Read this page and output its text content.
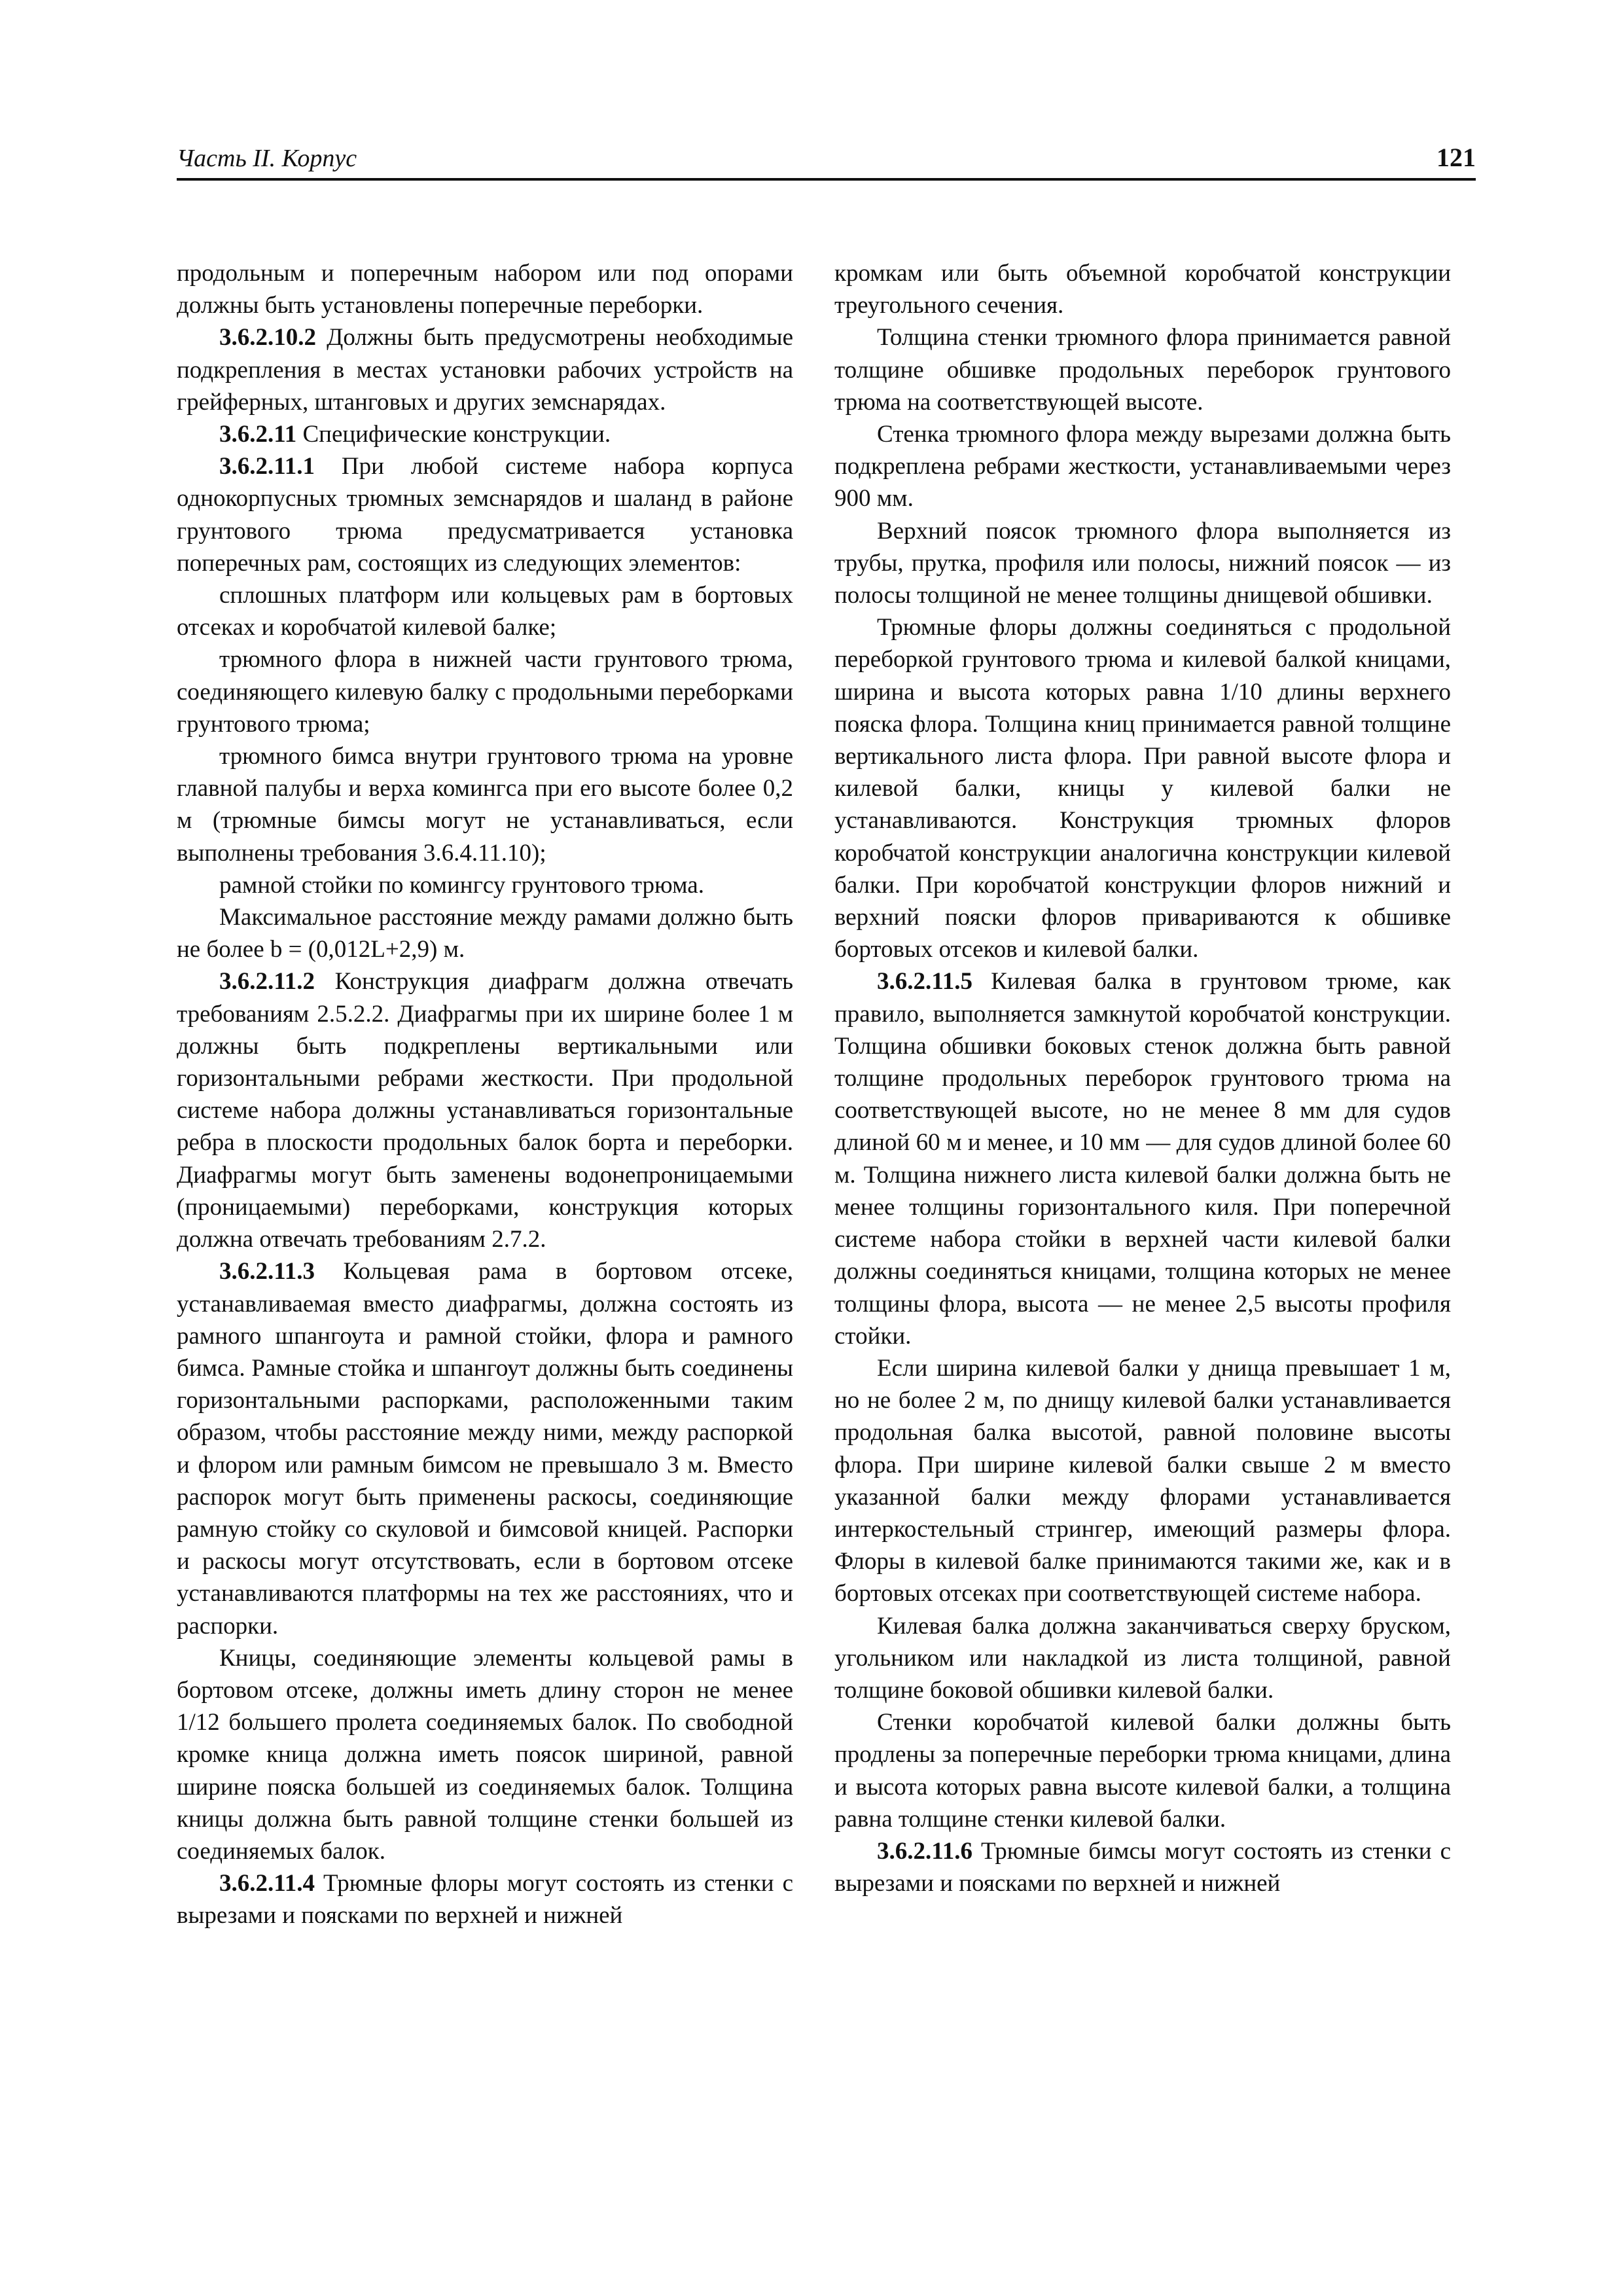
Часть II. Корпус	121

продольным и поперечным набором или под опорами должны быть установлены поперечные переборки.

3.6.2.10.2 Должны быть предусмотрены необходимые подкрепления в местах установки рабочих устройств на грейферных, штанговых и других земснарядах.

3.6.2.11 Специфические конструкции.

3.6.2.11.1 При любой системе набора корпуса однокорпусных трюмных земснарядов и шаланд в районе грунтового трюма предусматривается установка поперечных рам, состоящих из следующих элементов:

сплошных платформ или кольцевых рам в бортовых отсеках и коробчатой килевой балке;

трюмного флора в нижней части грунтового трюма, соединяющего килевую балку с продольными переборками грунтового трюма;

трюмного бимса внутри грунтового трюма на уровне главной палубы и верха комингса при его высоте более 0,2 м (трюмные бимсы могут не устанавливаться, если выполнены требования 3.6.4.11.10);

рамной стойки по комингсу грунтового трюма.

Максимальное расстояние между рамами должно быть не более b = (0,012L+2,9) м.

3.6.2.11.2 Конструкция диафрагм должна отвечать требованиям 2.5.2.2. Диафрагмы при их ширине более 1 м должны быть подкреплены вертикальными или горизонтальными ребрами жесткости. При продольной системе набора должны устанавливаться горизонтальные ребра в плоскости продольных балок борта и переборки. Диафрагмы могут быть заменены водонепроницаемыми (проницаемыми) переборками, конструкция которых должна отвечать требованиям 2.7.2.

3.6.2.11.3 Кольцевая рама в бортовом отсеке, устанавливаемая вместо диафрагмы, должна состоять из рамного шпангоута и рамной стойки, флора и рамного бимса. Рамные стойка и шпангоут должны быть соединены горизонтальными распорками, расположенными таким образом, чтобы расстояние между ними, между распоркой и флором или рамным бимсом не превышало 3 м. Вместо распорок могут быть применены раскосы, соединяющие рамную стойку со скуловой и бимсовой кницей. Распорки и раскосы могут отсутствовать, если в бортовом отсеке устанавливаются платформы на тех же расстояниях, что и распорки.

Кницы, соединяющие элементы кольцевой рамы в бортовом отсеке, должны иметь длину сторон не менее 1/12 большего пролета соединяемых балок. По свободной кромке кница должна иметь поясок шириной, равной ширине пояска большей из соединяемых балок. Толщина кницы должна быть равной толщине стенки большей из соединяемых балок.

3.6.2.11.4 Трюмные флоры могут состоять из стенки с вырезами и поясками по верхней и нижней

кромкам или быть объемной коробчатой конструкции треугольного сечения.

Толщина стенки трюмного флора принимается равной толщине обшивке продольных переборок грунтового трюма на соответствующей высоте.

Стенка трюмного флора между вырезами должна быть подкреплена ребрами жесткости, устанавливаемыми через 900 мм.

Верхний поясок трюмного флора выполняется из трубы, прутка, профиля или полосы, нижний поясок — из полосы толщиной не менее толщины днищевой обшивки.

Трюмные флоры должны соединяться с продольной переборкой грунтового трюма и килевой балкой кницами, ширина и высота которых равна 1/10 длины верхнего пояска флора. Толщина книц принимается равной толщине вертикального листа флора. При равной высоте флора и килевой балки, кницы у килевой балки не устанавливаются. Конструкция трюмных флоров коробчатой конструкции аналогична конструкции килевой балки. При коробчатой конструкции флоров нижний и верхний пояски флоров привариваются к обшивке бортовых отсеков и килевой балки.

3.6.2.11.5 Килевая балка в грунтовом трюме, как правило, выполняется замкнутой коробчатой конструкции. Толщина обшивки боковых стенок должна быть равной толщине продольных переборок грунтового трюма на соответствующей высоте, но не менее 8 мм для судов длиной 60 м и менее, и 10 мм — для судов длиной более 60 м. Толщина нижнего листа килевой балки должна быть не менее толщины горизонтального киля. При поперечной системе набора стойки в верхней части килевой балки должны соединяться кницами, толщина которых не менее толщины флора, высота — не менее 2,5 высоты профиля стойки.

Если ширина килевой балки у днища превышает 1 м, но не более 2 м, по днищу килевой балки устанавливается продольная балка высотой, равной половине высоты флора. При ширине килевой балки свыше 2 м вместо указанной балки между флорами устанавливается интеркостельный стрингер, имеющий размеры флора. Флоры в килевой балке принимаются такими же, как и в бортовых отсеках при соответствующей системе набора.

Килевая балка должна заканчиваться сверху бруском, угольником или накладкой из листа толщиной, равной толщине боковой обшивки килевой балки.

Стенки коробчатой килевой балки должны быть продлены за поперечные переборки трюма кницами, длина и высота которых равна высоте килевой балки, а толщина равна толщине стенки килевой балки.

3.6.2.11.6 Трюмные бимсы могут состоять из стенки с вырезами и поясками по верхней и нижней
